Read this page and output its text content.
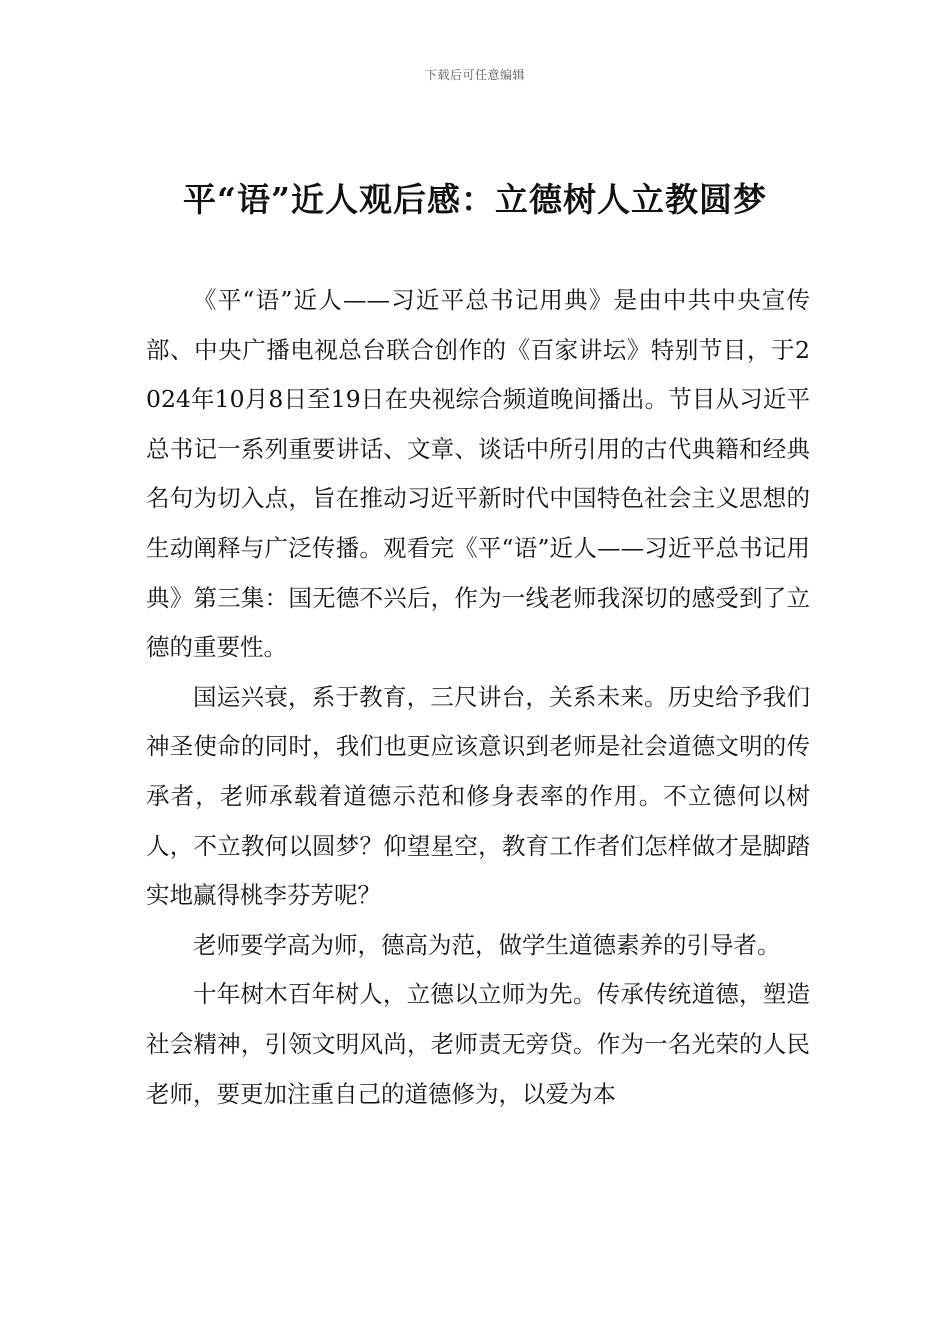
下载后可任意编辑
平“语”近人观后感：立德树人立教圆梦

《平“语”近人——习近平总书记用典》是由中共中央宣传部、中央广播电视总台联合创作的《百家讲坛》特别节目，于2024年10月8日至19日在央视综合频道晚间播出。节目从习近平总书记一系列重要讲话、文章、谈话中所引用的古代典籍和经典名句为切入点，旨在推动习近平新时代中国特色社会主义思想的生动阐释与广泛传播。观看完《平“语”近人——习近平总书记用典》第三集：国无德不兴后，作为一线老师我深切的感受到了立德的重要性。

国运兴衰，系于教育，三尺讲台，关系未来。历史给予我们神圣使命的同时，我们也更应该意识到老师是社会道德文明的传承者，老师承载着道德示范和修身表率的作用。不立德何以树人，不立教何以圆梦？仰望星空，教育工作者们怎样做才是脚踏实地赢得桃李芬芳呢？

老师要学高为师，德高为范，做学生道德素养的引导者。

十年树木百年树人，立德以立师为先。传承传统道德，塑造社会精神，引领文明风尚，老师责无旁贷。作为一名光荣的人民老师，要更加注重自己的道德修为，以爱为本
